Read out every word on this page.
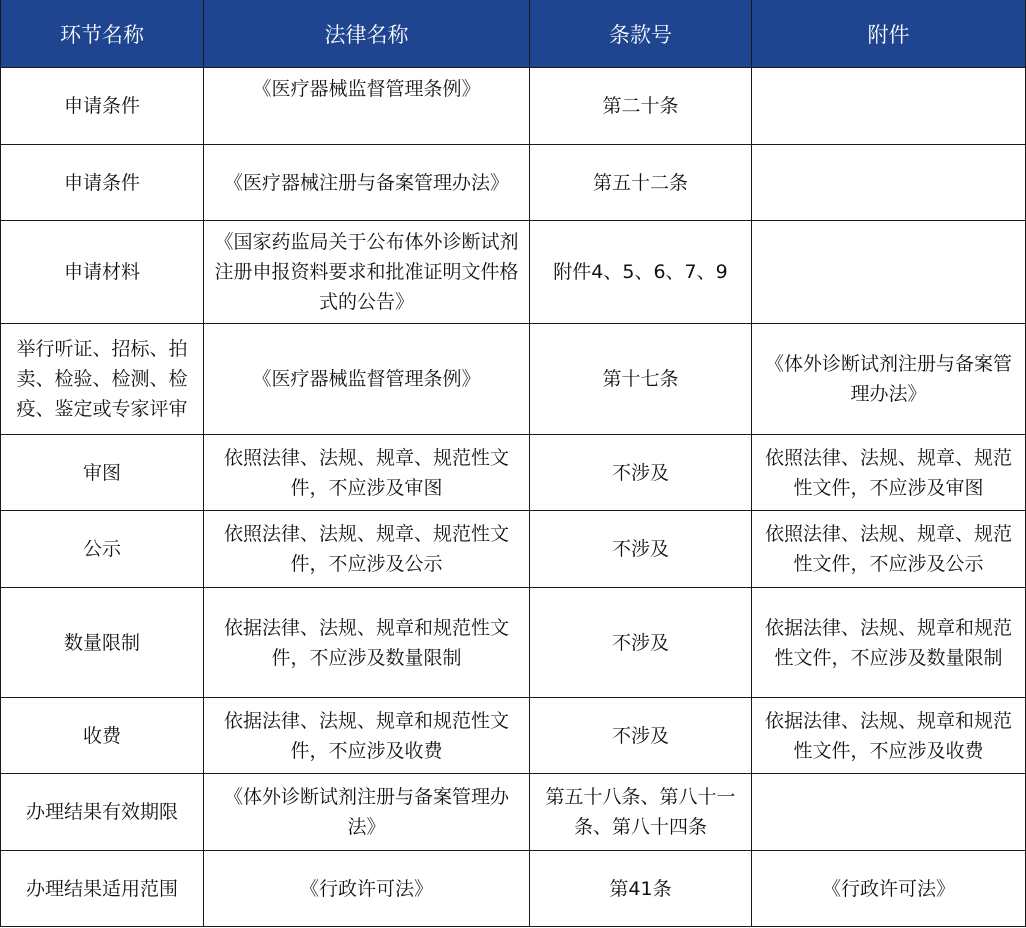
环节名称	法律名称	条款号	附件
申请条件	《医疗器械监督管理条例》	第二十条	
申请条件	《医疗器械注册与备案管理办法》	第五十二条	
申请材料	《国家药监局关于公布体外诊断试剂注册申报资料要求和批准证明文件格式的公告》	附件4、5、6、7、9	
举行听证、招标、拍卖、检验、检测、检疫、鉴定或专家评审	《医疗器械监督管理条例》	第十七条	《体外诊断试剂注册与备案管理办法》
审图	依照法律、法规、规章、规范性文件，不应涉及审图	不涉及	依照法律、法规、规章、规范性文件，不应涉及审图
公示	依照法律、法规、规章、规范性文件，不应涉及公示	不涉及	依照法律、法规、规章、规范性文件，不应涉及公示
数量限制	依据法律、法规、规章和规范性文件，不应涉及数量限制	不涉及	依据法律、法规、规章和规范性文件，不应涉及数量限制
收费	依据法律、法规、规章和规范性文件，不应涉及收费	不涉及	依据法律、法规、规章和规范性文件，不应涉及收费
办理结果有效期限	《体外诊断试剂注册与备案管理办法》	第五十八条、第八十一条、第八十四条	
办理结果适用范围	《行政许可法》	第41条	《行政许可法》
